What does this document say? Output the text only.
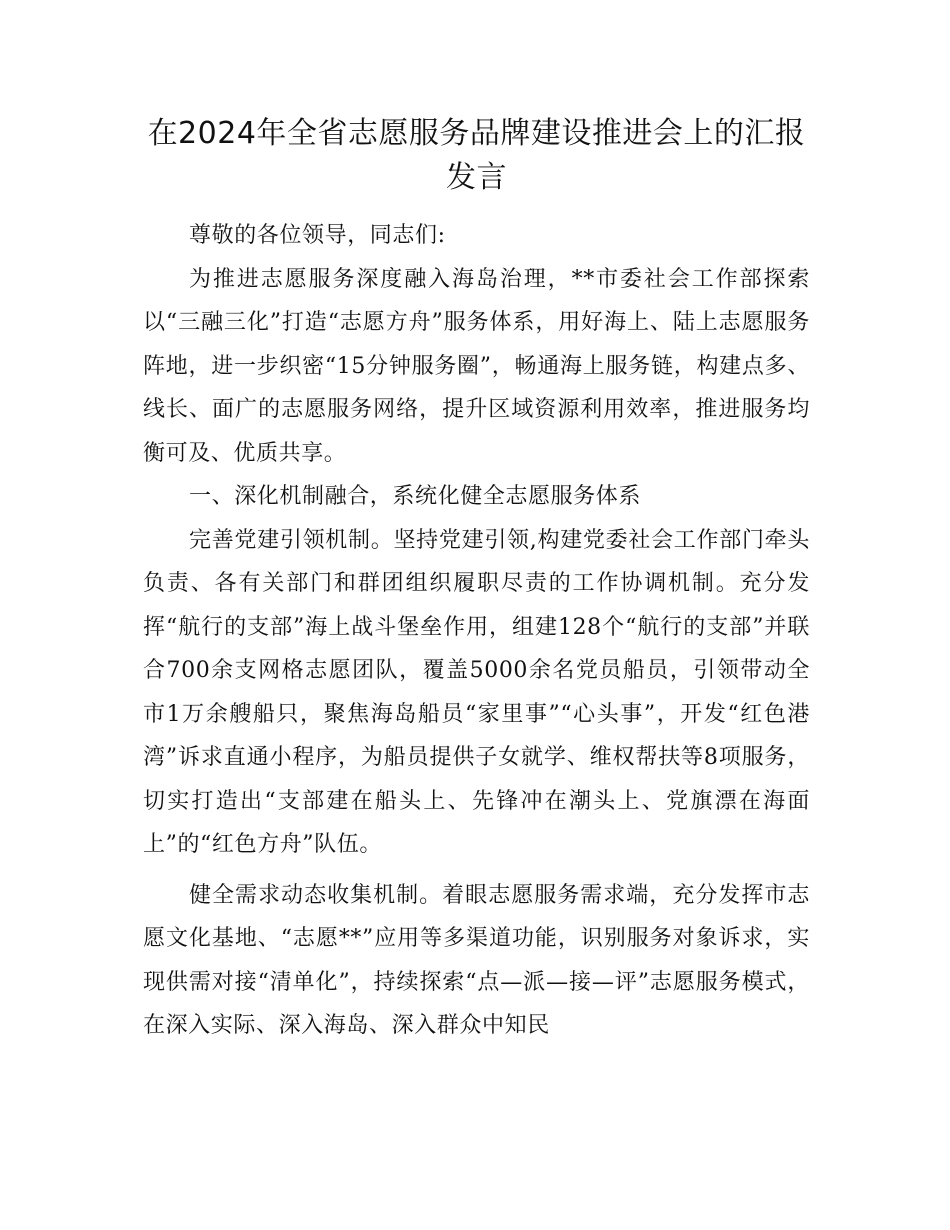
在2024年全省志愿服务品牌建设推进会上的汇报发言

尊敬的各位领导，同志们:

为推进志愿服务深度融入海岛治理，**市委社会工作部探索以“三融三化”打造“志愿方舟”服务体系，用好海上、陆上志愿服务阵地，进一步织密“15分钟服务圈”，畅通海上服务链，构建点多、线长、面广的志愿服务网络，提升区域资源利用效率，推进服务均衡可及、优质共享。

一、深化机制融合，系统化健全志愿服务体系

完善党建引领机制。坚持党建引领,构建党委社会工作部门牵头负责、各有关部门和群团组织履职尽责的工作协调机制。充分发挥“航行的支部”海上战斗堡垒作用，组建128个“航行的支部”并联合700余支网格志愿团队，覆盖5000余名党员船员，引领带动全市1万余艘船只，聚焦海岛船员“家里事”“心头事”，开发“红色港湾”诉求直通小程序，为船员提供子女就学、维权帮扶等8项服务，切实打造出“支部建在船头上、先锋冲在潮头上、党旗漂在海面上”的“红色方舟”队伍。

健全需求动态收集机制。着眼志愿服务需求端，充分发挥市志愿文化基地、“志愿**”应用等多渠道功能，识别服务对象诉求，实现供需对接“清单化”，持续探索“点—派—接—评”志愿服务模式，在深入实际、深入海岛、深入群众中知民
